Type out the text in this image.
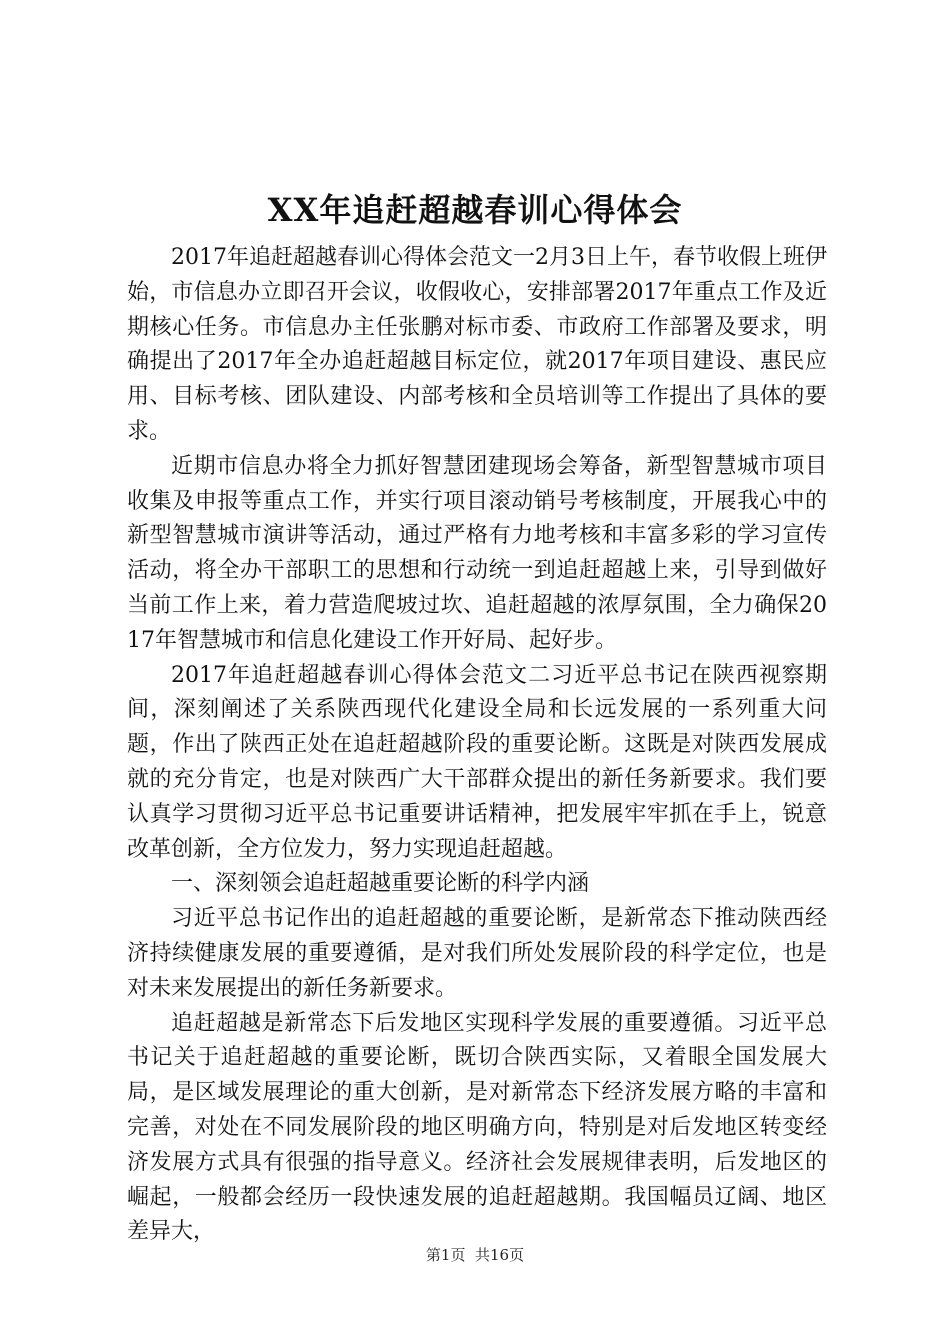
XX年追赶超越春训心得体会

2017年追赶超越春训心得体会范文一2月3日上午，春节收假上班伊始，市信息办立即召开会议，收假收心，安排部署2017年重点工作及近期核心任务。市信息办主任张鹏对标市委、市政府工作部署及要求，明确提出了2017年全办追赶超越目标定位，就2017年项目建设、惠民应用、目标考核、团队建设、内部考核和全员培训等工作提出了具体的要求。

近期市信息办将全力抓好智慧团建现场会筹备，新型智慧城市项目收集及申报等重点工作，并实行项目滚动销号考核制度，开展我心中的新型智慧城市演讲等活动，通过严格有力地考核和丰富多彩的学习宣传活动，将全办干部职工的思想和行动统一到追赶超越上来，引导到做好当前工作上来，着力营造爬坡过坎、追赶超越的浓厚氛围，全力确保2017年智慧城市和信息化建设工作开好局、起好步。

2017年追赶超越春训心得体会范文二习近平总书记在陕西视察期间，深刻阐述了关系陕西现代化建设全局和长远发展的一系列重大问题，作出了陕西正处在追赶超越阶段的重要论断。这既是对陕西发展成就的充分肯定，也是对陕西广大干部群众提出的新任务新要求。我们要认真学习贯彻习近平总书记重要讲话精神，把发展牢牢抓在手上，锐意改革创新，全方位发力，努力实现追赶超越。

一、深刻领会追赶超越重要论断的科学内涵

习近平总书记作出的追赶超越的重要论断，是新常态下推动陕西经济持续健康发展的重要遵循，是对我们所处发展阶段的科学定位，也是对未来发展提出的新任务新要求。

追赶超越是新常态下后发地区实现科学发展的重要遵循。习近平总书记关于追赶超越的重要论断，既切合陕西实际，又着眼全国发展大局，是区域发展理论的重大创新，是对新常态下经济发展方略的丰富和完善，对处在不同发展阶段的地区明确方向，特别是对后发地区转变经济发展方式具有很强的指导意义。经济社会发展规律表明，后发地区的崛起，一般都会经历一段快速发展的追赶超越期。我国幅员辽阔、地区差异大，

第1页 共16页
